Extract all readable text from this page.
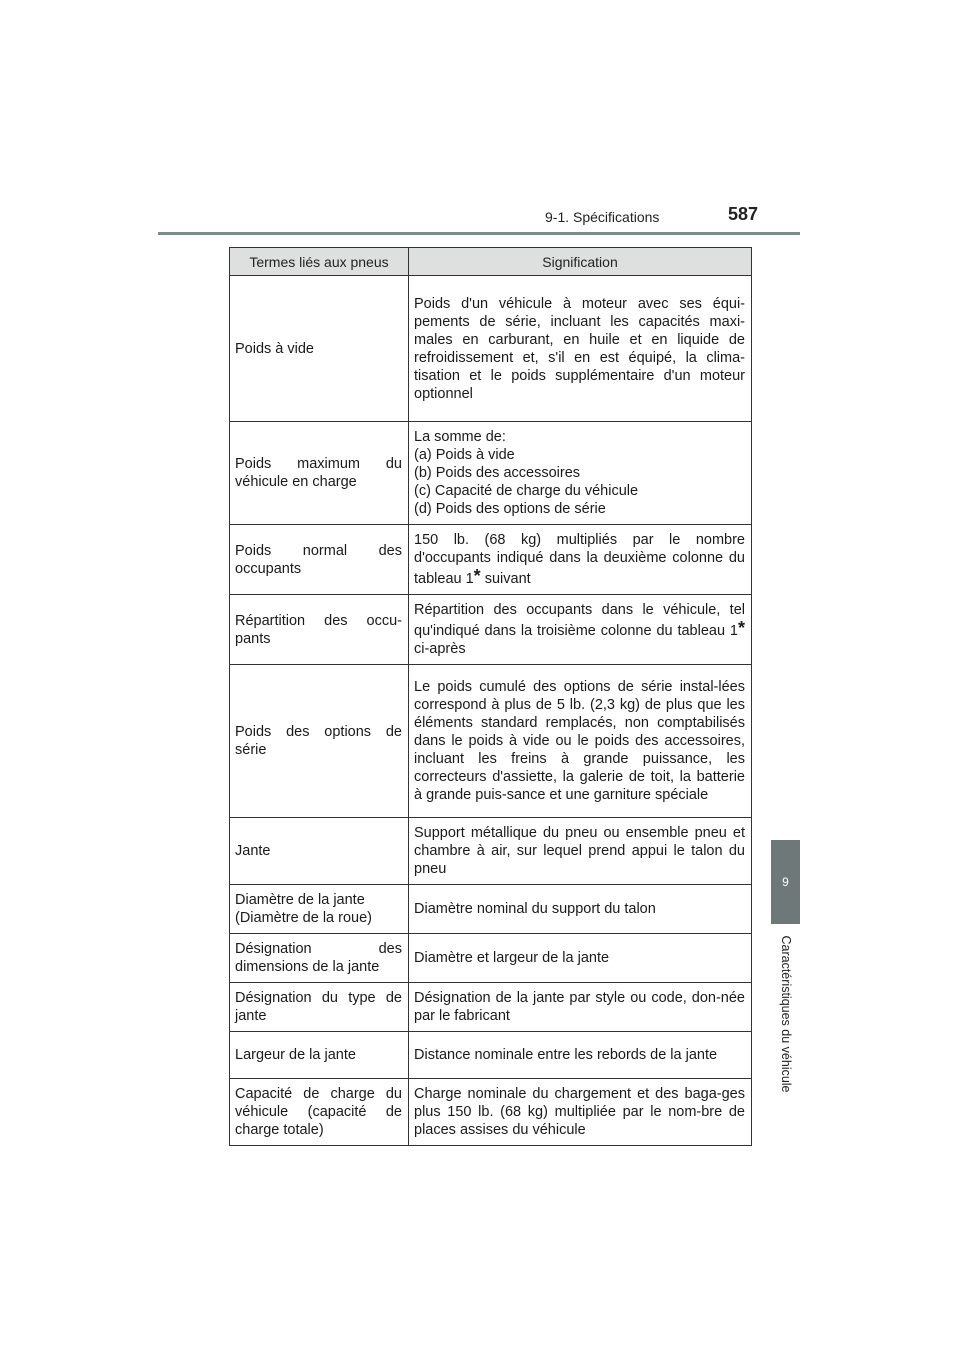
9-1. Spécifications	587
9
Caractéristiques du véhicule
Termes liés aux pneus	Signification
Poids à vide	Poids d'un véhicule à moteur avec ses équi-pements de série, incluant les capacités maxi-males en carburant, en huile et en liquide de refroidissement et, s'il en est équipé, la clima-tisation et le poids supplémentaire d'un moteur optionnel
Poids maximum du véhicule en charge	La somme de:
(a) Poids à vide
(b) Poids des accessoires
(c) Capacité de charge du véhicule
(d) Poids des options de série

Poids normal des occupants	150 lb. (68 kg) multipliés par le nombre d'occupants indiqué dans la deuxième colonne du tableau 1* suivant
Répartition des occu-pants	Répartition des occupants dans le véhicule, tel qu'indiqué dans la troisième colonne du tableau 1* ci-après
Poids des options de série	Le poids cumulé des options de série instal-lées correspond à plus de 5 lb. (2,3 kg) de plus que les éléments standard remplacés, non comptabilisés dans le poids à vide ou le poids des accessoires, incluant les freins à grande puissance, les correcteurs d'assiette, la galerie de toit, la batterie à grande puis-sance et une garniture spéciale
Jante	Support métallique du pneu ou ensemble pneu et chambre à air, sur lequel prend appui le talon du pneu

Diamètre de la jante
(Diamètre de la roue)	Diamètre nominal du support du talon
Désignation des dimensions de la jante	Diamètre et largeur de la jante
Désignation du type de jante	Désignation de la jante par style ou code, don-née par le fabricant
Largeur de la jante	Distance nominale entre les rebords de la jante
Capacité de charge du véhicule (capacité de charge totale)	Charge nominale du chargement et des baga-ges plus 150 lb. (68 kg) multipliée par le nom-bre de places assises du véhicule
